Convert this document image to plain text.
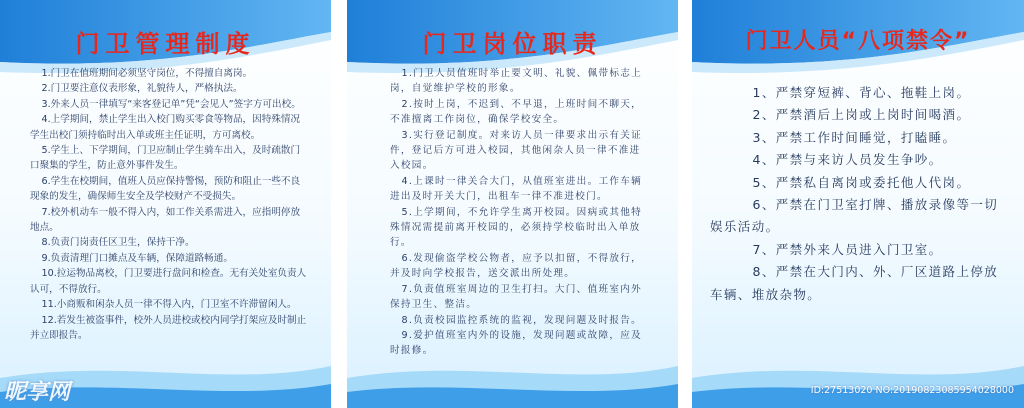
门卫管理制度

1.门卫在值班期间必须坚守岗位，不得擅自离岗。

2.门卫要注意仪表形象，礼貌待人，严格执法。

3.外来人员一律填写“来客登记单”凭“会见人”签字方可出校。

4.上学期间，禁止学生出入校门购买零食等物品，因特殊情况学生出校门须持临时出入单或班主任证明，方可离校。

5.学生上、下学期间，门卫应制止学生骑车出入，及时疏散门口聚集的学生，防止意外事件发生。

6.学生在校期间，值班人员应保持警惕，预防和阻止一些不良现象的发生，确保师生安全及学校财产不受损失。

7.校外机动车一般不得入内，如工作关系需进入，应指明停放地点。

8.负责门岗责任区卫生，保持干净。

9.负责清理门口摊点及车辆，保障道路畅通。

10.拉运物品离校，门卫要进行盘问和检查。无有关处室负责人认可，不得放行。

11.小商贩和闲杂人员一律不得入内，门卫室不许滞留闲人。

12.若发生被盗事件，校外人员进校或校内同学打架应及时制止并立即报告。

昵享网
门卫岗位职责

1.门卫人员值班时举止要文明、礼貌、佩带标志上岗，自觉维护学校的形象。

2.按时上岗，不迟到、不早退，上班时间不聊天，不准擅离工作岗位，确保学校安全。

3.实行登记制度。对来访人员一律要求出示有关证件，登记后方可进入校园，其他闲杂人员一律不准进入校园。

4.上课时一律关合大门，从值班室进出。工作车辆进出及时开关大门，出租车一律不准进校门。

5.上学期间，不允许学生离开校园。因病或其他特殊情况需提前离开校园的，必须持学校临时出入单放行。

6.发现偷盗学校公物者，应予以扣留，不得放行，并及时向学校报告，送交派出所处理。

7.负责值班室周边的卫生打扫。大门、值班室内外保持卫生、整洁。

8.负责校园监控系统的监视，发现问题及时报告。

9.爱护值班室内外的设施，发现问题或故障，应及时报修。

门卫人员“八项禁令”

1、严禁穿短裤、背心、拖鞋上岗。

2、严禁酒后上岗或上岗时间喝酒。

3、严禁工作时间睡觉，打瞌睡。

4、严禁与来访人员发生争吵。

5、严禁私自离岗或委托他人代岗。

6、严禁在门卫室打牌、播放录像等一切娱乐活动。

7、严禁外来人员进入门卫室。

8、严禁在大门内、外、厂区道路上停放车辆、堆放杂物。

ID:27513020 NO:20190823085954028000
